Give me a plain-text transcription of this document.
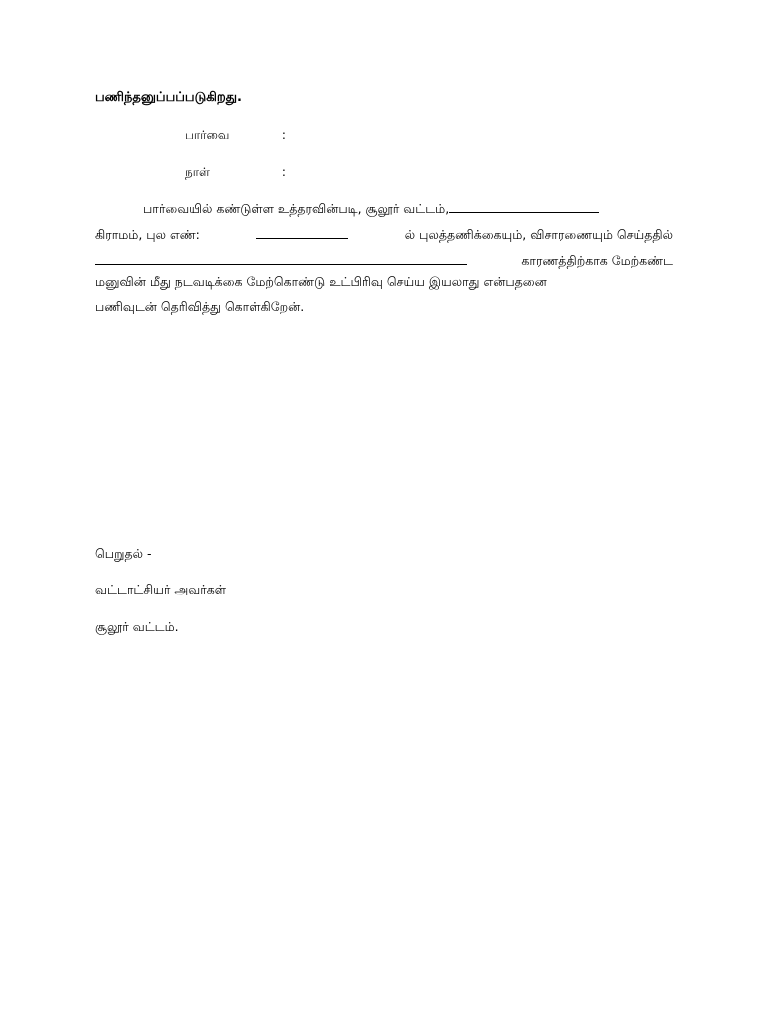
பணிந்தனுப்பப்படுகிறது.
பார்வை	:
நாள்	:
பார்வையில் கண்டுள்ள உத்தரவின்படி, சூலூர் வட்டம்,
கிராமம், புல எண்:	ல் புலத்தணிக்கையும், விசாரணையும் செய்ததில்
காரணத்திற்காக மேற்கண்ட
மனுவின் மீது நடவடிக்கை மேற்கொண்டு உட்பிரிவு செய்ய இயலாது என்பதனை
பணிவுடன் தெரிவித்து கொள்கிறேன்.
பெறுதல் -
வட்டாட்சியர் அவர்கள்
சூலூர் வட்டம்.
